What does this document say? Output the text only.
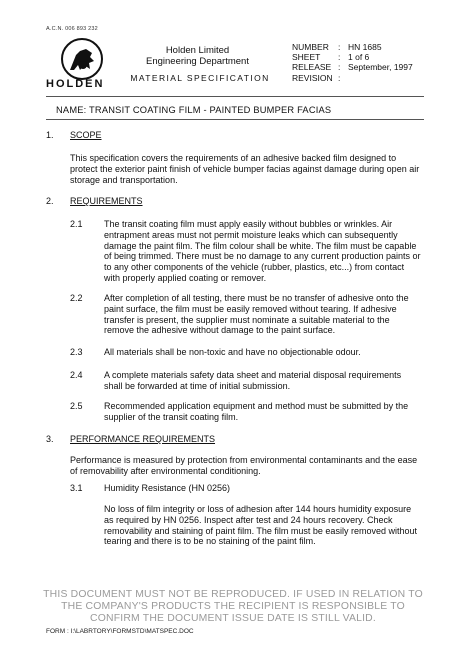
A.C.N. 006 893 232
HOLDEN
Holden Limited
Engineering Department
MATERIAL SPECIFICATION
NUMBER	: HN 1685
SHEET	: 1 of 6
RELEASE : September, 1997
REVISION :
NAME: TRANSIT COATING FILM - PAINTED BUMPER FACIAS
1. SCOPE
This specification covers the requirements of an adhesive backed film designed to protect the exterior paint finish of vehicle bumper facias against damage during open air storage and transportation.
2. REQUIREMENTS
2.1 The transit coating film must apply easily without bubbles or wrinkles. Air entrapment areas must not permit moisture leaks which can subsequently damage the paint film. The film colour shall be white. The film must be capable of being trimmed. There must be no damage to any current production paints or to any other components of the vehicle (rubber, plastics, etc...) from contact with properly applied coating or remover.
2.2 After completion of all testing, there must be no transfer of adhesive onto the paint surface, the film must be easily removed without tearing. If adhesive transfer is present, the supplier must nominate a suitable material to the remove the adhesive without damage to the paint surface.
2.3 All materials shall be non-toxic and have no objectionable odour.
2.4 A complete materials safety data sheet and material disposal requirements shall be forwarded at time of initial submission.
2.5 Recommended application equipment and method must be submitted by the supplier of the transit coating film.
3. PERFORMANCE REQUIREMENTS
Performance is measured by protection from environmental contaminants and the ease of removability after environmental conditioning.
3.1 Humidity Resistance (HN 0256)
No loss of film integrity or loss of adhesion after 144 hours humidity exposure as required by HN 0256. Inspect after test and 24 hours recovery. Check removability and staining of paint film. The film must be easily removed without tearing and there is to be no staining of the paint film.
THIS DOCUMENT MUST NOT BE REPRODUCED. IF USED IN RELATION TO
THE COMPANY'S PRODUCTS THE RECIPIENT IS RESPONSIBLE TO
CONFIRM THE DOCUMENT ISSUE DATE IS STILL VALID.
FORM : I:\LABRTORY\FORMSTD\MATSPEC.DOC
